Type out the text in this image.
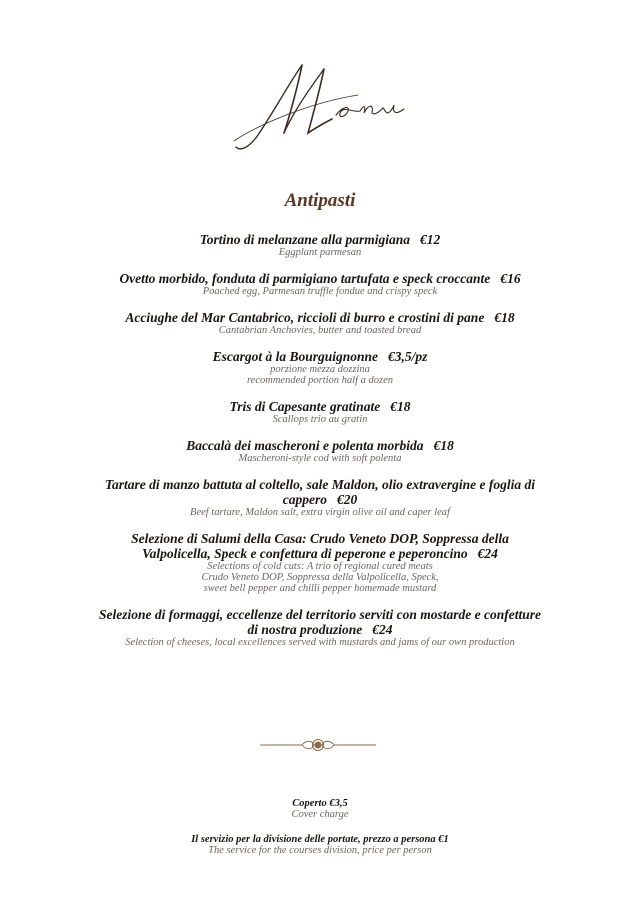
Antipasti
Tortino di melanzane alla parmigiana €12
Eggplant parmesan
Ovetto morbido, fonduta di parmigiano tartufata e speck croccante €16
Poached egg, Parmesan truffle fondue and crispy speck
Acciughe del Mar Cantabrico, riccioli di burro e crostini di pane €18
Cantabrian Anchovies, butter and toasted bread
Escargot à la Bourguignonne €3,5/pz
porzione mezza dozzina
recommended portion half a dozen
Tris di Capesante gratinate €18
Scallops trio au gratin
Baccalà dei mascheroni e polenta morbida €18
Mascheroni-style cod with soft polenta
Tartare di manzo battuta al coltello, sale Maldon, olio extravergine e foglia di cappero €20
Beef tartare, Maldon salt, extra virgin olive oil and caper leaf
Selezione di Salumi della Casa: Crudo Veneto DOP, Soppressa della Valpolicella, Speck e confettura di peperone e peperoncino €24
Selections of cold cuts: A trio of regional cured meats
Crudo Veneto DOP, Soppressa della Valpolicella, Speck,
sweet bell pepper and chilli pepper homemade mustard
Selezione di formaggi, eccellenze del territorio serviti con mostarde e confetture di nostra produzione €24
Selection of cheeses, local excellences served with mustards and jams of our own production
Coperto €3,5
Cover charge
Il servizio per la divisione delle portate, prezzo a persona €1
The service for the courses division, price per person
